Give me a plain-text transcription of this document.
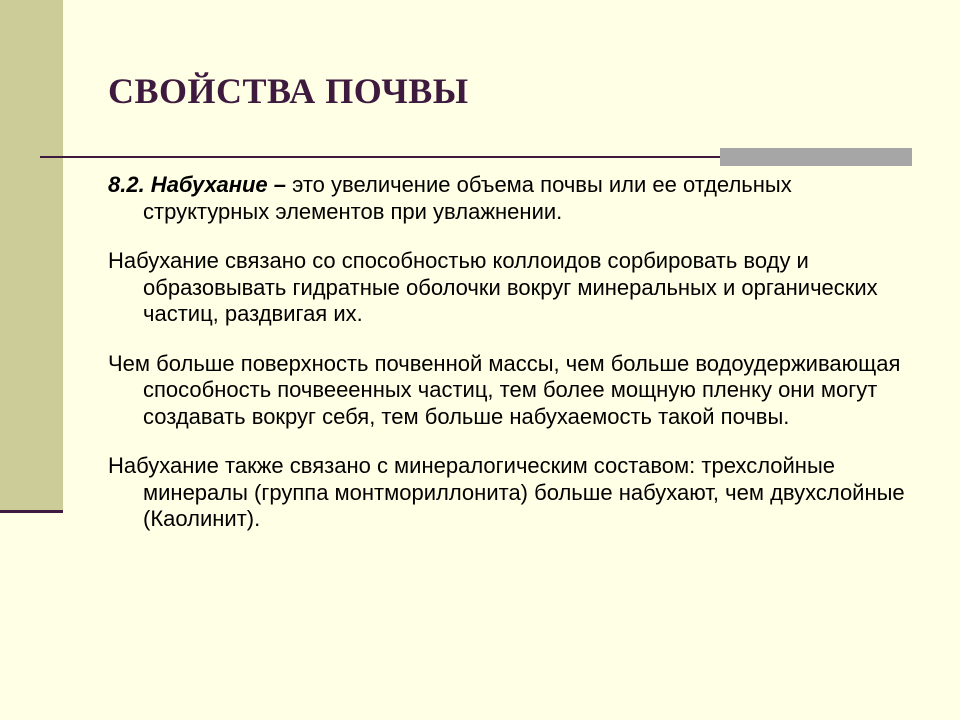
СВОЙСТВА ПОЧВЫ

8.2. Набухание – это увеличение объема почвы или ее отдельных структурных элементов при увлажнении.

Набухание связано со способностью коллоидов сорбировать воду и образовывать гидратные оболочки вокруг минеральных и органических частиц, раздвигая их.

Чем больше поверхность почвенной массы, чем больше водоудерживающая способность почвееенных частиц, тем более мощную пленку они могут создавать вокруг себя, тем больше набухаемость такой почвы.

Набухание также связано с минералогическим составом: трехслойные минералы (группа монтмориллонита) больше набухают, чем двухслойные (Каолинит).
